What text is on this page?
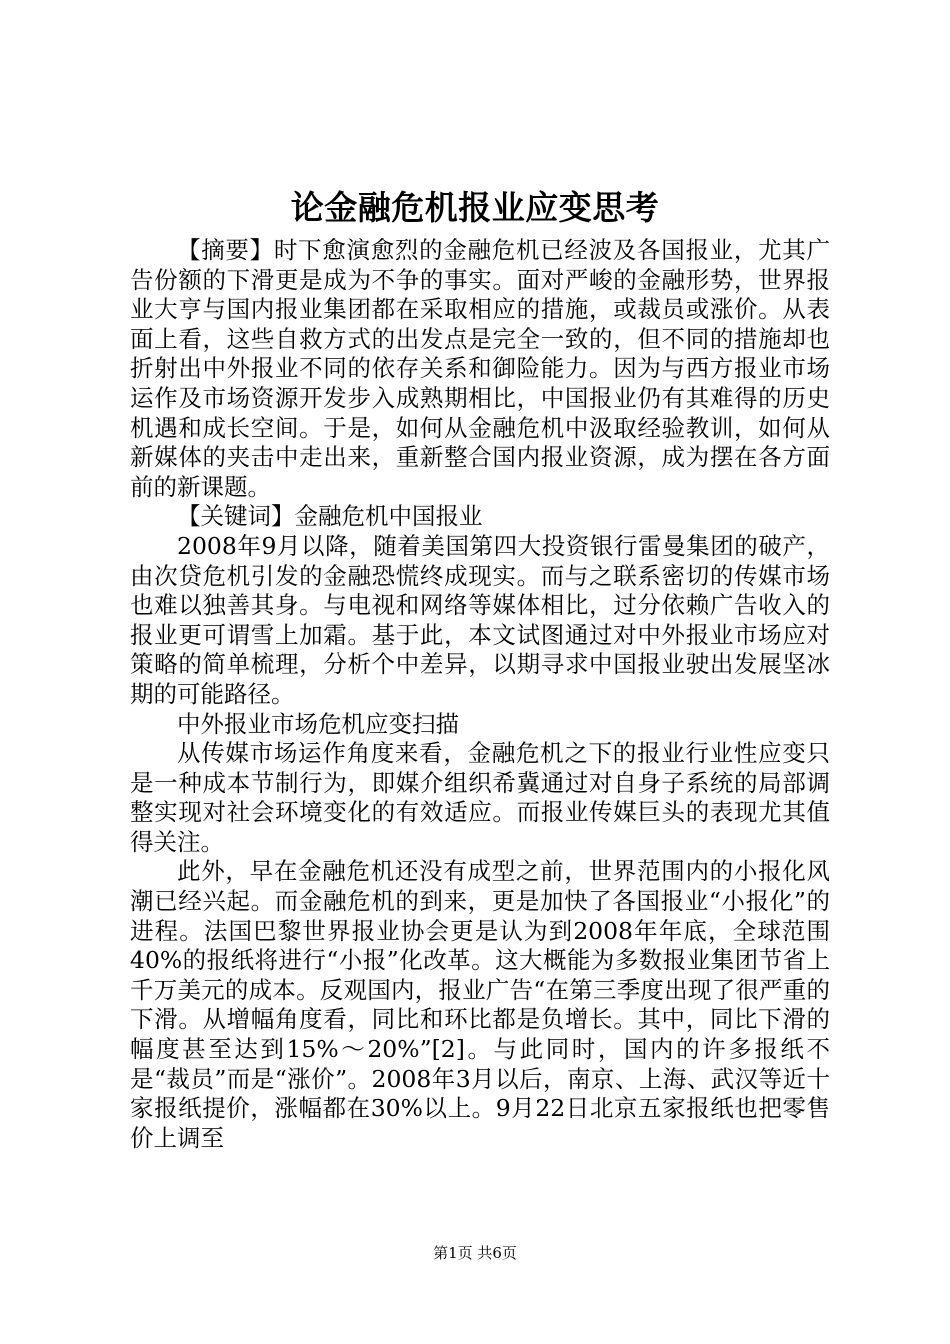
论金融危机报业应变思考

【摘要】时下愈演愈烈的金融危机已经波及各国报业，尤其广告份额的下滑更是成为不争的事实。面对严峻的金融形势，世界报业大亨与国内报业集团都在采取相应的措施，或裁员或涨价。从表面上看，这些自救方式的出发点是完全一致的，但不同的措施却也折射出中外报业不同的依存关系和御险能力。因为与西方报业市场运作及市场资源开发步入成熟期相比，中国报业仍有其难得的历史机遇和成长空间。于是，如何从金融危机中汲取经验教训，如何从新媒体的夹击中走出来，重新整合国内报业资源，成为摆在各方面前的新课题。

【关键词】金融危机中国报业

2008年9月以降，随着美国第四大投资银行雷曼集团的破产，由次贷危机引发的金融恐慌终成现实。而与之联系密切的传媒市场也难以独善其身。与电视和网络等媒体相比，过分依赖广告收入的报业更可谓雪上加霜。基于此，本文试图通过对中外报业市场应对策略的简单梳理，分析个中差异，以期寻求中国报业驶出发展坚冰期的可能路径。

中外报业市场危机应变扫描

从传媒市场运作角度来看，金融危机之下的报业行业性应变只是一种成本节制行为，即媒介组织希冀通过对自身子系统的局部调整实现对社会环境变化的有效适应。而报业传媒巨头的表现尤其值得关注。

此外，早在金融危机还没有成型之前，世界范围内的小报化风潮已经兴起。而金融危机的到来，更是加快了各国报业“小报化”的进程。法国巴黎世界报业协会更是认为到2008年年底，全球范围40%的报纸将进行“小报”化改革。这大概能为多数报业集团节省上千万美元的成本。反观国内，报业广告“在第三季度出现了很严重的下滑。从增幅角度看，同比和环比都是负增长。其中，同比下滑的幅度甚至达到15%～20%”[2]。与此同时，国内的许多报纸不是“裁员”而是“涨价”。2008年3月以后，南京、上海、武汉等近十家报纸提价，涨幅都在30%以上。9月22日北京五家报纸也把零售价上调至

第1页 共6页
